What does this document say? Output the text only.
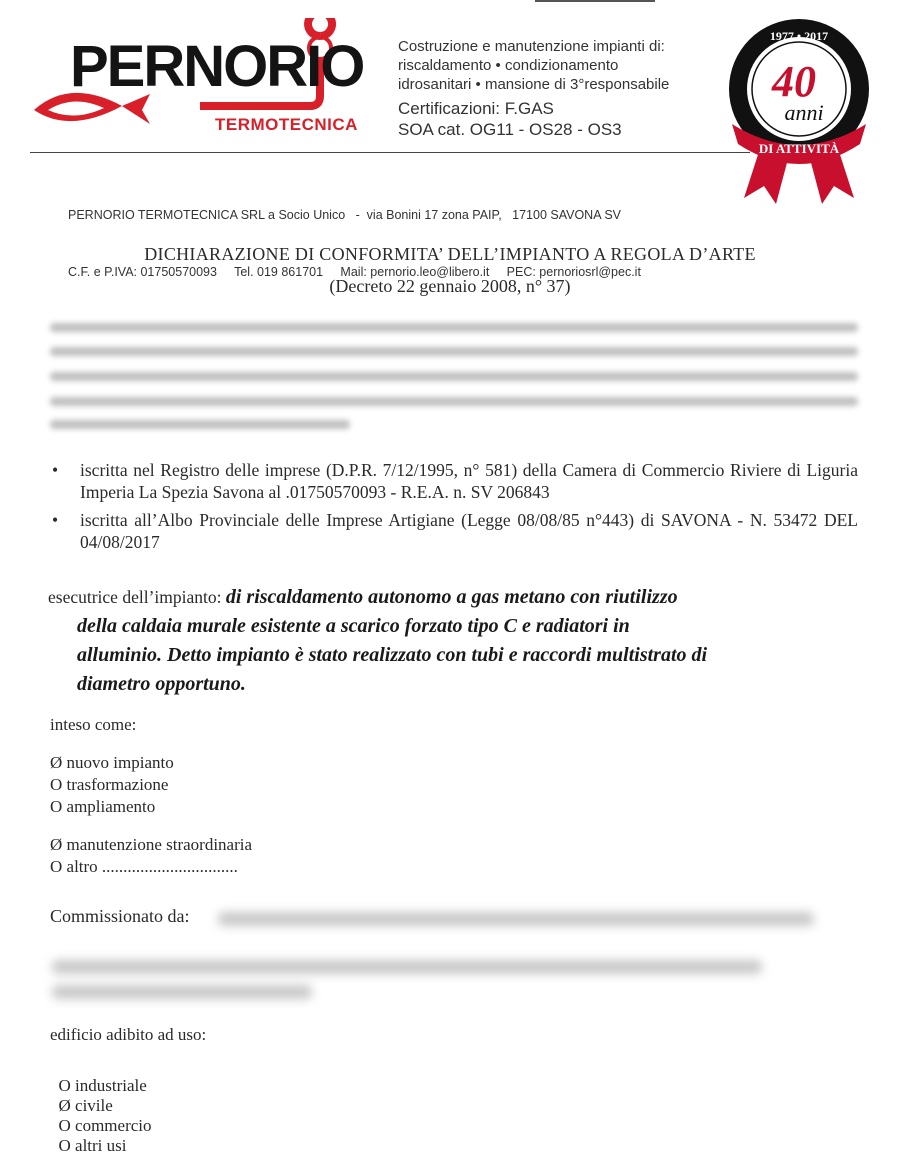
PERNORIO
TERMOTECNICA
Costruzione e manutenzione impianti di:
riscaldamento • condizionamento
idrosanitari • mansione di 3°responsabile
Certificazioni: F.GAS
SOA cat. OG11 - OS28 - OS3
1977 • 2017
40
anni
DI ATTIVITÀ

PERNORIO TERMOTECNICA SRL a Socio Unico   -  via Bonini 17 zona PAIP,   17100 SAVONA SV

C.F. e P.IVA: 01750570093     Tel. 019 861701     Mail: pernorio.leo@libero.it     PEC: pernoriosrl@pec.it

DICHIARAZIONE DI CONFORMITA’ DELL’IMPIANTO A REGOLA D’ARTE
(Decreto 22 gennaio 2008, n° 37)
• iscritta nel Registro delle imprese (D.P.R. 7/12/1995, n° 581) della Camera di Commercio Riviere di Liguria Imperia La Spezia Savona al .01750570093 - R.E.A. n. SV 206843
• iscritta all’Albo Provinciale delle Imprese Artigiane (Legge 08/08/85 n°443) di SAVONA - N. 53472 DEL 04/08/2017
esecutrice dell’impianto: di riscaldamento autonomo a gas metano con riutilizzo
della caldaia murale esistente a scarico forzato tipo C e radiatori in
alluminio. Detto impianto è stato realizzato con tubi e raccordi multistrato di
diametro opportuno.
inteso come:
Ø nuovo impianto
O trasformazione
O ampliamento
Ø manutenzione straordinaria
O altro ................................
Commissionato da:
edificio adibito ad uso:

O industriale
Ø civile
O commercio
O altri usi
